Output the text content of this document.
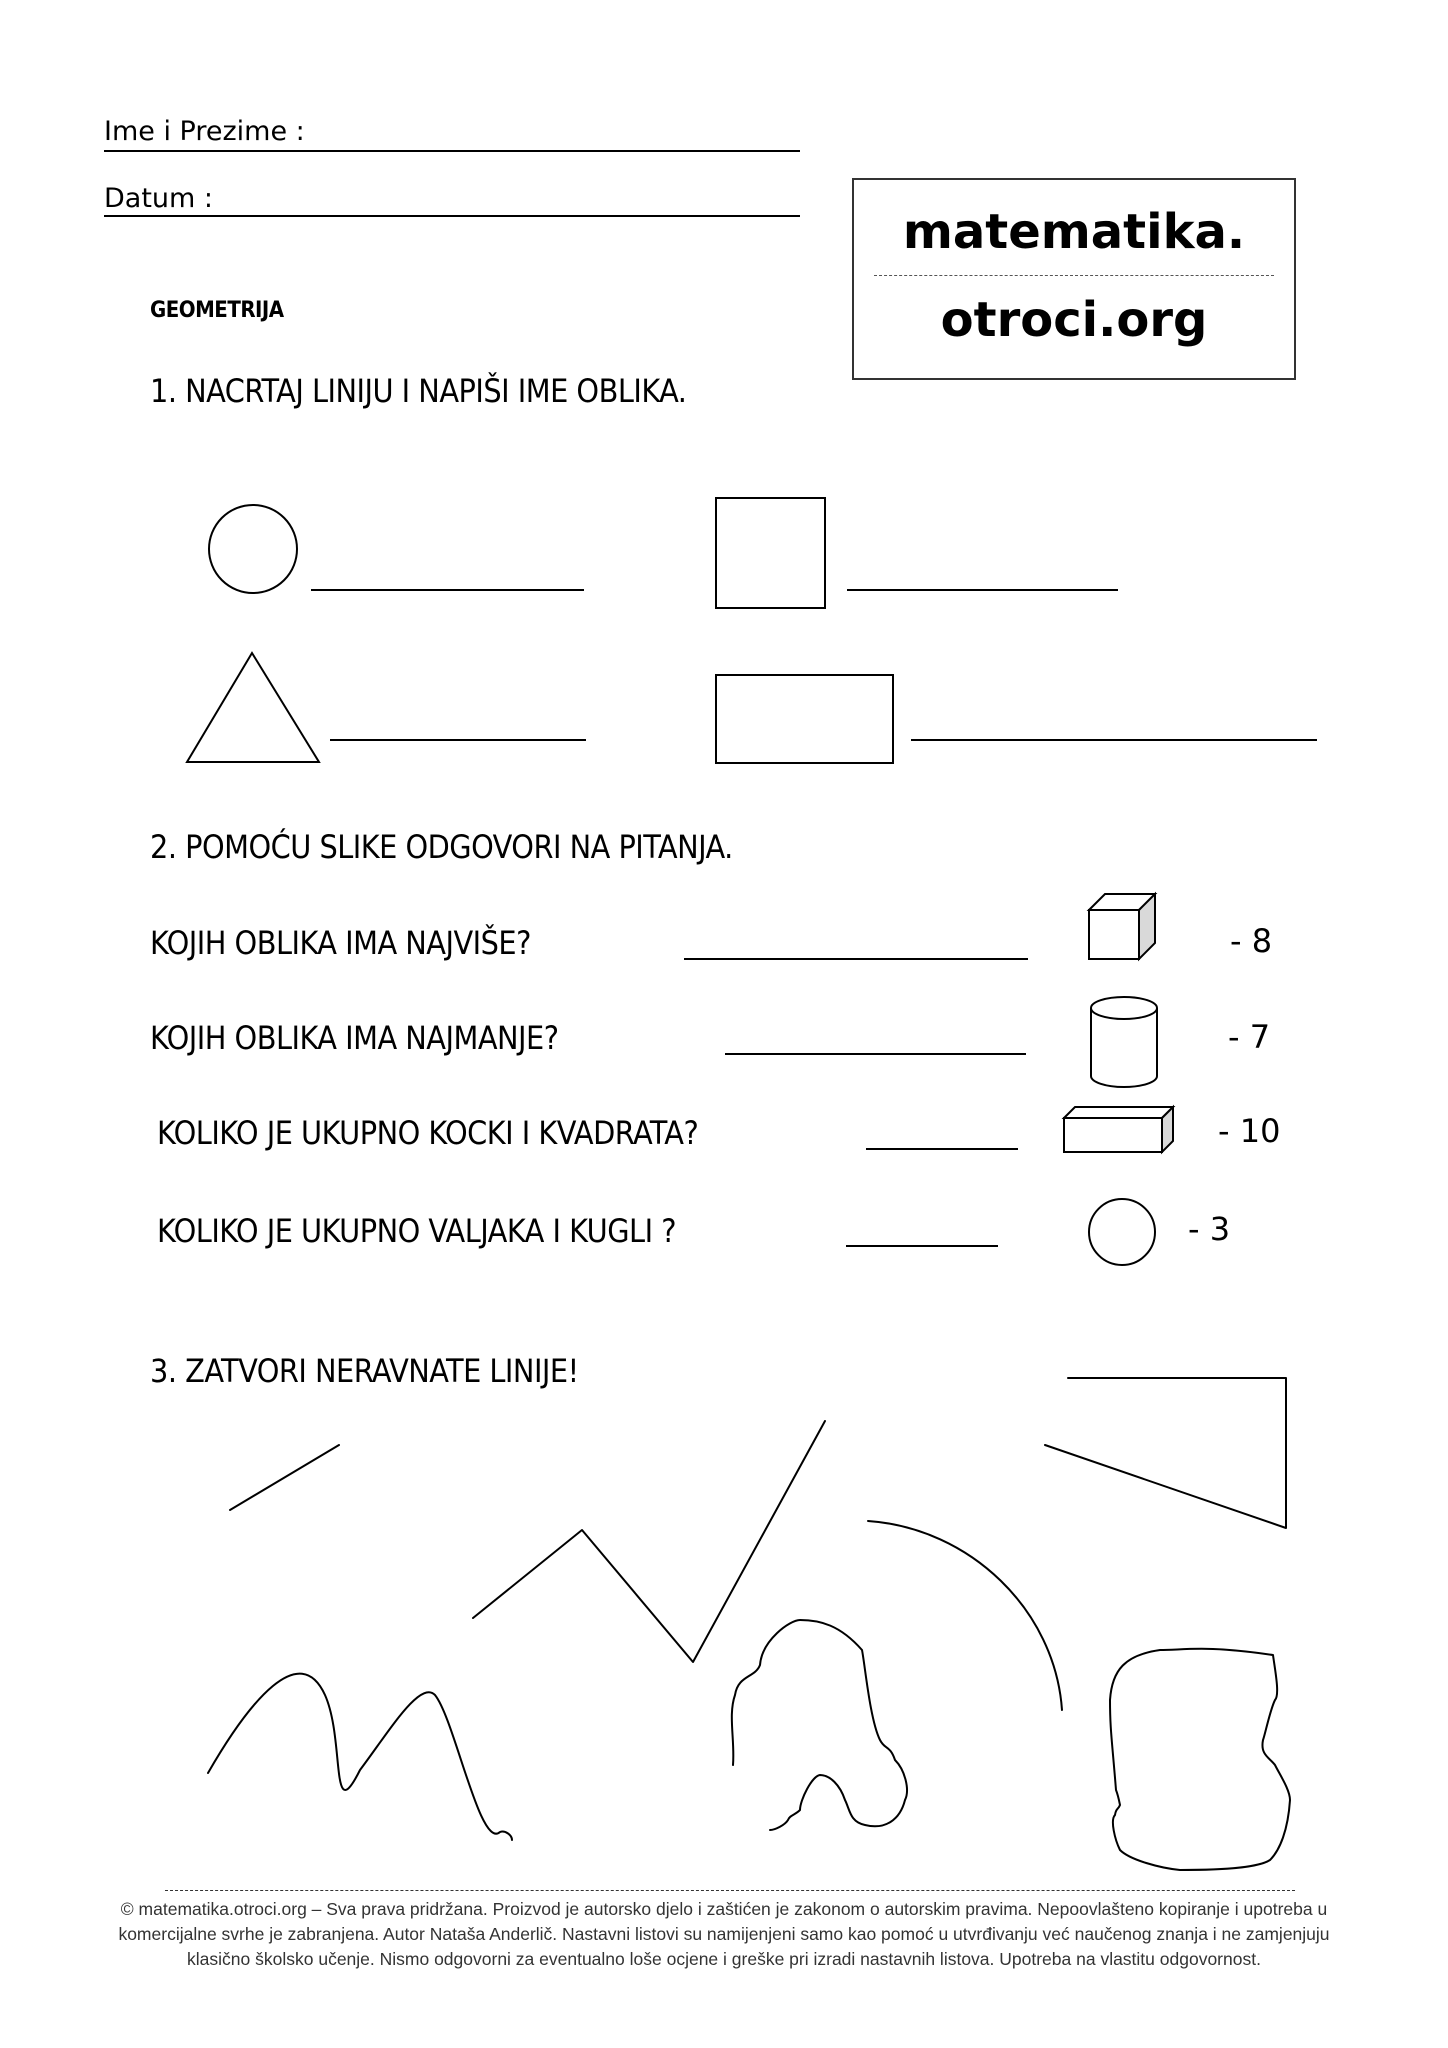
Ime i Prezime :
Datum :
matematika.
otroci.org
GEOMETRIJA
1. NACRTAJ LINIJU I NAPIŠI IME OBLIKA.
2. POMOĆU SLIKE ODGOVORI NA PITANJA.
KOJIH OBLIKA IMA NAJVIŠE?
KOJIH OBLIKA IMA NAJMANJE?
KOLIKO JE UKUPNO KOCKI I KVADRATA?
KOLIKO JE UKUPNO VALJAKA I KUGLI ?
- 8
- 7
- 10
- 3
3. ZATVORI NERAVNATE LINIJE!
© matematika.otroci.org – Sva prava pridržana. Proizvod je autorsko djelo i zaštićen je zakonom o autorskim pravima. Nepoovlašteno kopiranje i upotreba u
komercijalne svrhe je zabranjena. Autor Nataša Anderlič. Nastavni listovi su namijenjeni samo kao pomoć u utvrđivanju već naučenog znanja i ne zamjenjuju
klasično školsko učenje. Nismo odgovorni za eventualno loše ocjene i greške pri izradi nastavnih listova. Upotreba na vlastitu odgovornost.
